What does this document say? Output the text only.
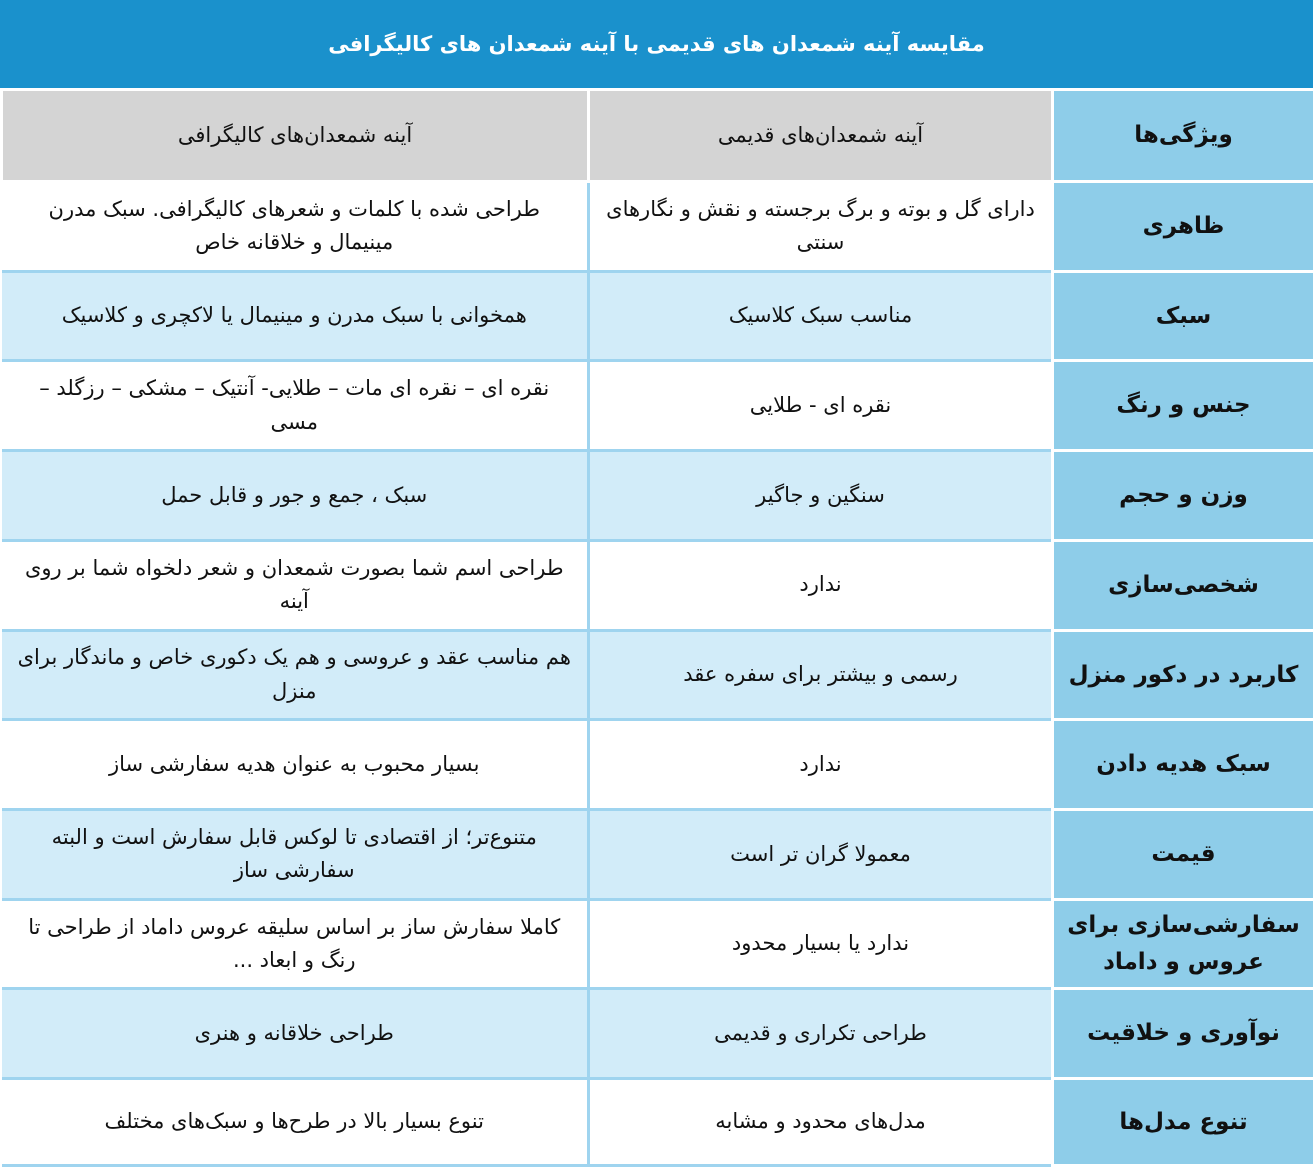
مقایسه آینه شمعدان های قدیمی با آینه شمعدان های کالیگرافی
ویژگی‌ها	آینه شمعدان‌های قدیمی	آینه شمعدان‌های کالیگرافی
ظاهری	دارای گل و بوته و برگ برجسته و نقش و نگارهای سنتی	طراحی شده با کلمات و شعرهای کالیگرافی. سبک مدرن مینیمال و خلاقانه خاص
سبک	مناسب سبک کلاسیک	همخوانی با سبک مدرن و مینیمال یا لاکچری و کلاسیک
جنس و رنگ	نقره ای - طلایی	نقره ای – نقره ای مات – طلایی- آنتیک – مشکی – رزگلد – مسی
وزن و حجم	سنگین و جاگیر	سبک ، جمع و جور و قابل حمل
شخصی‌سازی	ندارد	طراحی اسم شما بصورت شمعدان و شعر دلخواه شما بر روی آینه
کاربرد در دکور منزل	رسمی و بیشتر برای سفره عقد	هم مناسب عقد و عروسی و هم یک دکوری خاص و ماندگار برای منزل
سبک هدیه دادن	ندارد	بسیار محبوب به عنوان هدیه سفارشی ساز
قیمت	معمولا گران تر است	متنوع‌تر؛ از اقتصادی تا لوکس قابل سفارش است و البته سفارشی ساز
سفارشی‌سازی برای عروس و داماد	ندارد یا بسیار محدود	کاملا سفارش ساز بر اساس سلیقه عروس داماد از طراحی تا رنگ و ابعاد ...
نوآوری و خلاقیت	طراحی تکراری و قدیمی	طراحی خلاقانه و هنری
تنوع مدل‌ها	مدل‌های محدود و مشابه	تنوع بسیار بالا در طرح‌ها و سبک‌های مختلف
